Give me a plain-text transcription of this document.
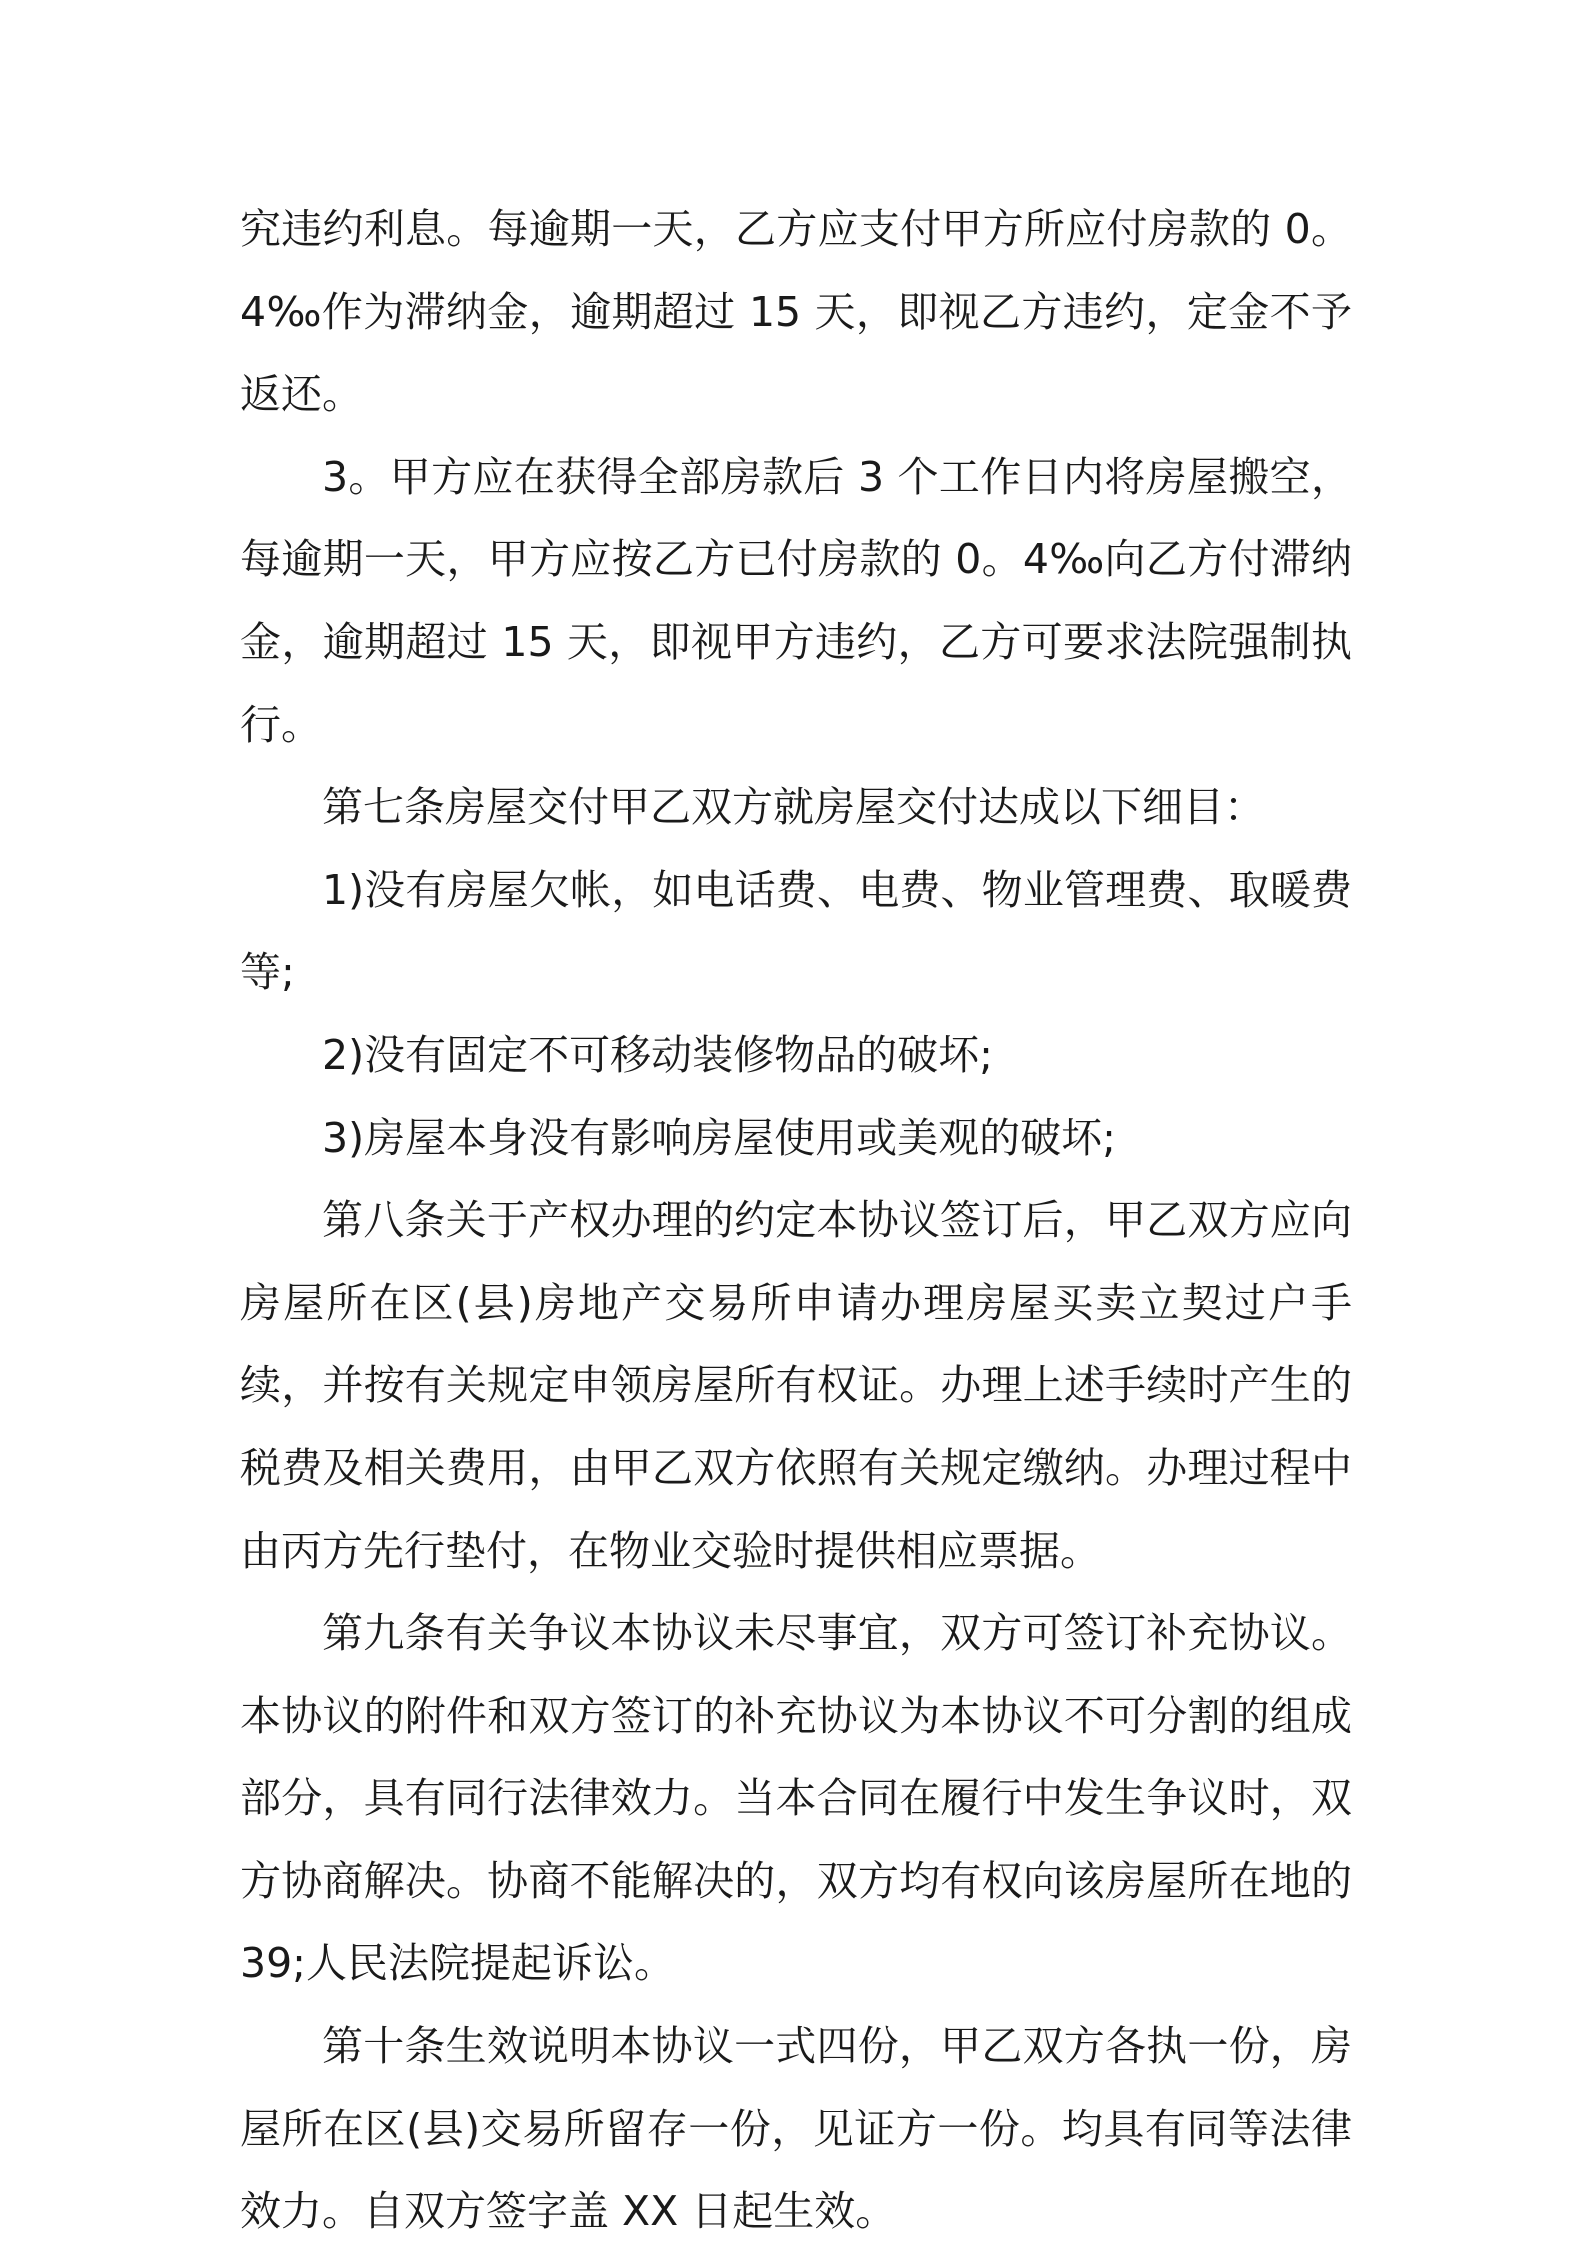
究违约利息。每逾期一天，乙方应支付甲方所应付房款的 0。4‰作为滞纳金，逾期超过 15 天，即视乙方违约，定金不予返还。

3。甲方应在获得全部房款后 3 个工作日内将房屋搬空，每逾期一天，甲方应按乙方已付房款的 0。4‰向乙方付滞纳金，逾期超过 15 天，即视甲方违约，乙方可要求法院强制执行。

第七条房屋交付甲乙双方就房屋交付达成以下细目：

1)没有房屋欠帐，如电话费、电费、物业管理费、取暖费等;

2)没有固定不可移动装修物品的破坏;

3)房屋本身没有影响房屋使用或美观的破坏;

第八条关于产权办理的约定本协议签订后，甲乙双方应向房屋所在区(县)房地产交易所申请办理房屋买卖立契过户手续，并按有关规定申领房屋所有权证。办理上述手续时产生的税费及相关费用，由甲乙双方依照有关规定缴纳。办理过程中由丙方先行垫付，在物业交验时提供相应票据。

第九条有关争议本协议未尽事宜，双方可签订补充协议。本协议的附件和双方签订的补充协议为本协议不可分割的组成部分，具有同行法律效力。当本合同在履行中发生争议时，双方协商解决。协商不能解决的，双方均有权向该房屋所在地的 39;人民法院提起诉讼。

第十条生效说明本协议一式四份，甲乙双方各执一份，房屋所在区(县)交易所留存一份，见证方一份。均具有同等法律效力。自双方签字盖 XX 日起生效。
